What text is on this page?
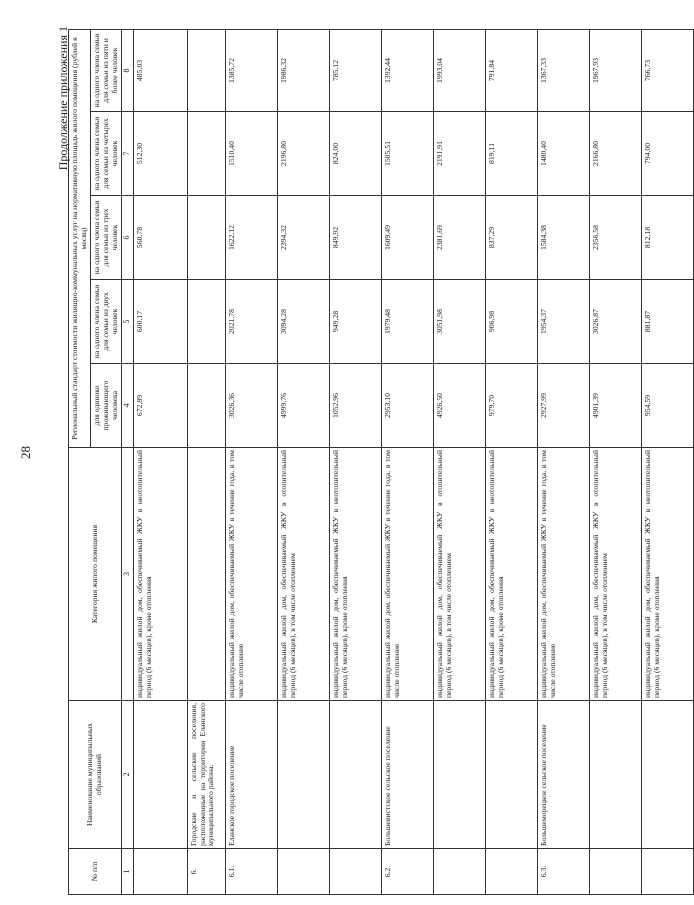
28
Продолжение приложения 1
№ п/п	Наименование муниципальных образований	Категория жилого помещения	Региональный стандарт стоимости жилищно-коммунальных услуг на нормативную площадь жилого помещения (рублей в месяц)				
			для одиноко проживающего человека	на одного члена семьи для семьи из двух человек	на одного члена семьи для семьи из трех человек	на одного члена семьи для семьи из четырех человек	на одного члена семьи для семьи из пяти и более человек
1	2	3	4	5	6	7	8
		индивидуальный жилой дом, обеспечиваемый ЖКУ в неотопительный период (6 месяцев), кроме отопления	672,89	600,17	560,78	512,30	485,03
6.	Городские и сельские поселения, расположенные на территории Еланского муниципального района:						
6.1.	Еланское городское поселение	индивидуальный жилой дом, обеспечиваемый ЖКУ в течение года, в том числе отопление	3026,36	2021,78	1622,12	1510,40	1385,72
		индивидуальный жилой дом, обеспечиваемый ЖКУ в отопительный период (6 месяцев), в том числе отоплением	4999,76	3094,28	2394,32	2196,80	1986,32
		индивидуальный жилой дом, обеспечиваемый ЖКУ в неотопительный период (6 месяцев), кроме отопления	1052,96	949,28	849,92	824,00	785,12
6.2.	Большевистское сельское поселение	индивидуальный жилой дом, обеспечиваемый ЖКУ в течение года, в том числе отопление	2953,10	1979,48	1609,49	1505,51	1392,44
		индивидуальный жилой дом, обеспечиваемый ЖКУ в отопительный период (6 месяцев), в том числе отоплением	4926,50	3051,98	2381,69	2191,91	1993,04
		индивидуальный жилой дом, обеспечиваемый ЖКУ в неотопительный период (6 месяцев), кроме отопления	979,70	906,98	837,29	819,11	791,84
6.3.	Большеморецкое сельское поселение	индивидуальный жилой дом, обеспечиваемый ЖКУ в течение года, в том числе отопление	2927,99	1954,37	1584,38	1480,40	1367,33
		индивидуальный жилой дом, обеспечиваемый ЖКУ в отопительный период (6 месяцев), в том числе отоплением	4901,39	3026,87	2356,58	2166,80	1967,93
		индивидуальный жилой дом, обеспечиваемый ЖКУ в неотопительный период (6 месяцев), кроме отопления	954,59	881,87	812,18	794,00	766,73
